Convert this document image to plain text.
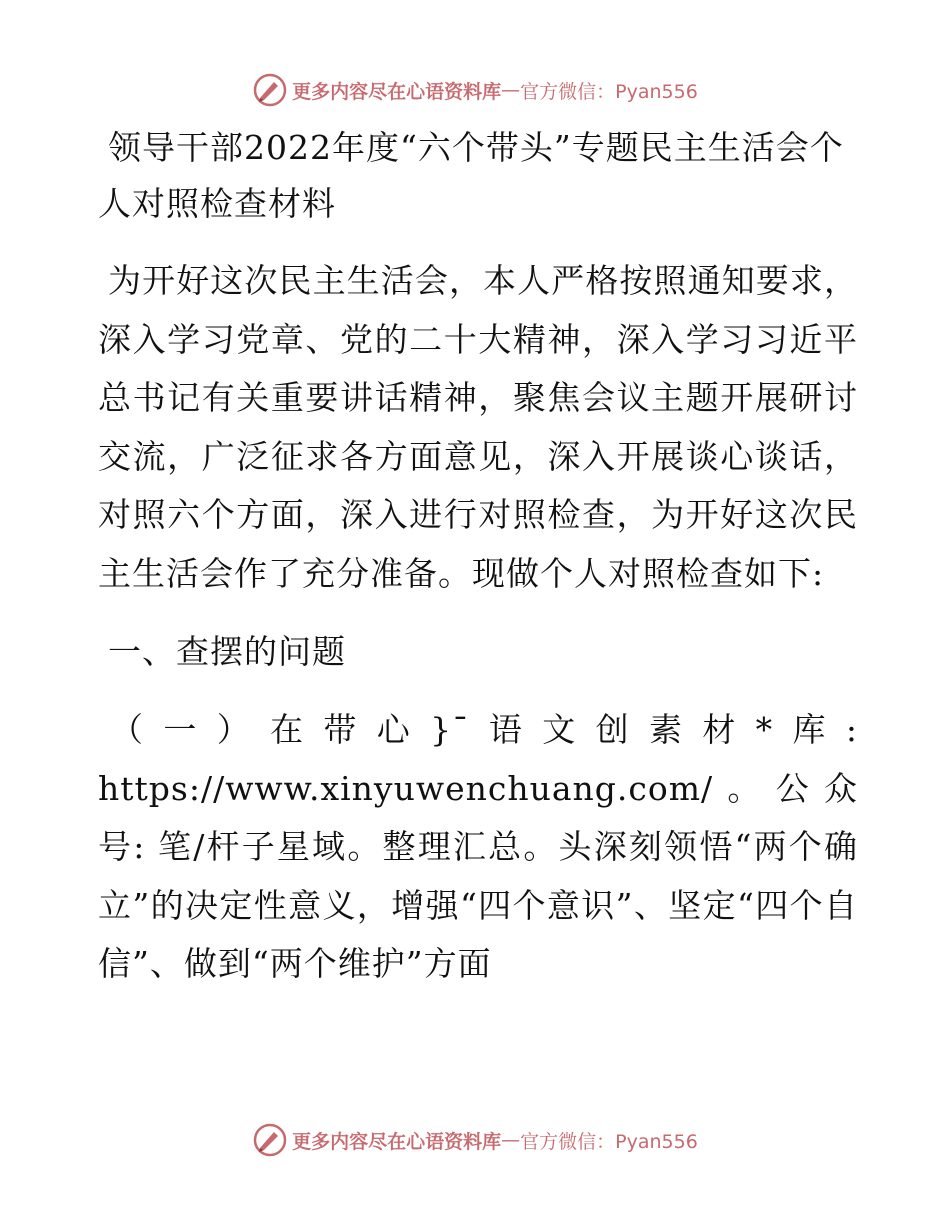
更多内容尽在心语资料库 — 官方微信：Pyan556

领导干部2022年度“六个带头”专题民主生活会个人对照检查材料

为开好这次民主生活会，本人严格按照通知要求，深入学习党章、党的二十大精神，深入学习习近平总书记有关重要讲话精神，聚焦会议主题开展研讨交流，广泛征求各方面意见，深入开展谈心谈话，对照六个方面，深入进行对照检查，为开好这次民主生活会作了充分准备。现做个人对照检查如下:

一、查摆的问题

（一）在带心}¯语文创素材*库: https://www.xinyuwenchuang.com/。公众号: 笔/杆子星域。整理汇总。头深刻领悟“两个确立”的决定性意义，增强“四个意识”、坚定“四个自信”、做到“两个维护”方面

更多内容尽在心语资料库 — 官方微信：Pyan556
